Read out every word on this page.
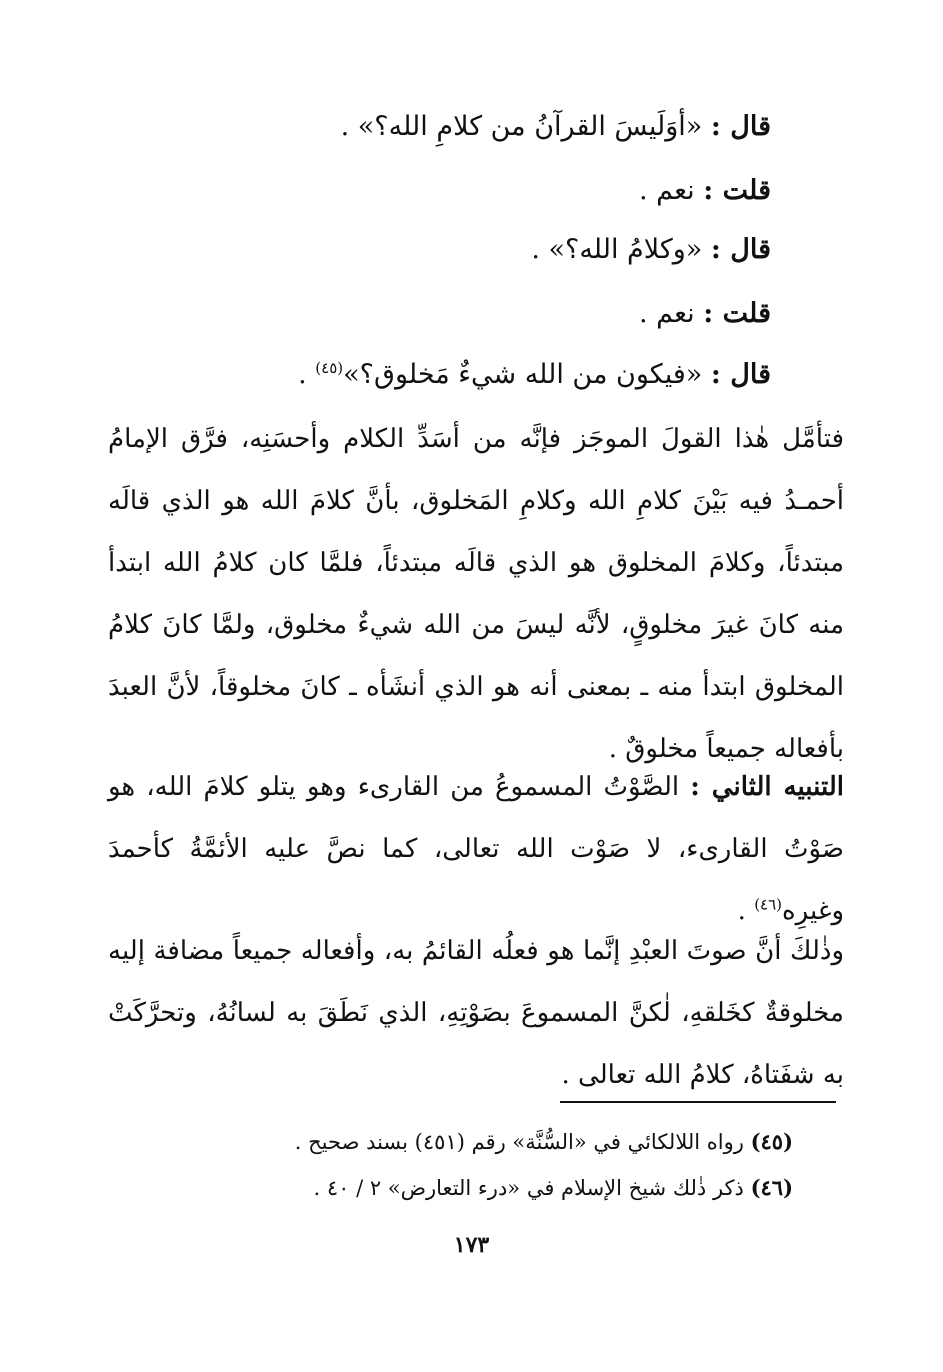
قال : «أوَلَيسَ القرآنُ من كلامِ الله؟» .
قلت : نعم .
قال : «وكلامُ الله؟» .
قلت : نعم .
قال : «فيكون من الله شيءٌ مَخلوق؟»$^{(٤٥)}$ .
فتأمَّل هٰذا القولَ الموجَز فإنَّه من أسَدِّ الكلام وأحسَنِه، فرَّق الإمامُ أحمـدُ فيه بَيْنَ كلامِ الله وكلامِ المَخلوق، بأنَّ كلامَ الله هو الذي قالَه مبتدئاً، وكلامَ المخلوق هو الذي قالَه مبتدئاً، فلمَّا كان كلامُ الله ابتدأ منه كانَ غيرَ مخلوقٍ، لأنَّه ليسَ من الله شيءٌ مخلوق، ولمَّا كانَ كلامُ المخلوق ابتدأ منه ـ بمعنى أنه هو الذي أنشَأه ـ كانَ مخلوقاً، لأنَّ العبدَ بأفعاله جميعاً مخلوقٌ .
التنبيه الثاني : الصَّوْتُ المسموعُ من القارىء وهو يتلو كلامَ الله، هو صَوْتُ القارىء، لا صَوْت الله تعالى، كما نصَّ عليه الأئمَّةُ كأحمدَ وغيرِه$^{(٤٦)}$ .
وذٰلكَ أنَّ صوتَ العبْدِ إنَّما هو فعلُه القائمُ به، وأفعاله جميعاً مضافة إليه مخلوقةٌ كخَلقهِ، لٰكنَّ المسموعَ بصَوْتِهِ، الذي نَطَقَ به لسانُهُ، وتحرَّكَتْ به شفَتاهُ، كلامُ الله تعالى .
(٤٥) رواه اللالكائي في «السُّنَّة» رقم (٤٥١) بسند صحيح .
(٤٦) ذكر ذٰلك شيخ الإسلام في «درء التعارض» ٢ / ٤٠ .
١٧٣
